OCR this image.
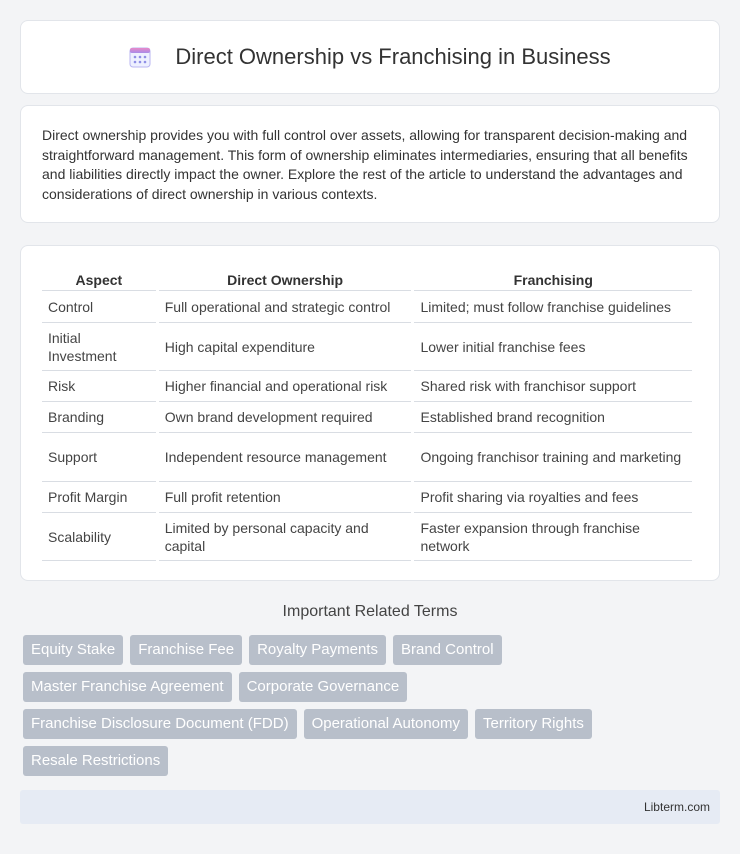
Direct Ownership vs Franchising in Business

Direct ownership provides you with full control over assets, allowing for transparent decision-making and straightforward management. This form of ownership eliminates intermediaries, ensuring that all benefits and liabilities directly impact the owner. Explore the rest of the article to understand the advantages and considerations of direct ownership in various contexts.

Aspect	Direct Ownership	Franchising
Control	Full operational and strategic control	Limited; must follow franchise guidelines
Initial Investment	High capital expenditure	Lower initial franchise fees
Risk	Higher financial and operational risk	Shared risk with franchisor support
Branding	Own brand development required	Established brand recognition
Support	Independent resource management	Ongoing franchisor training and marketing
Profit Margin	Full profit retention	Profit sharing via royalties and fees
Scalability	Limited by personal capacity and capital	Faster expansion through franchise network
Important Related Terms
Equity Stake	Franchise Fee	Royalty Payments	Brand Control
Master Franchise Agreement	Corporate Governance
Franchise Disclosure Document (FDD)	Operational Autonomy	Territory Rights
Resale Restrictions
Libterm.com
